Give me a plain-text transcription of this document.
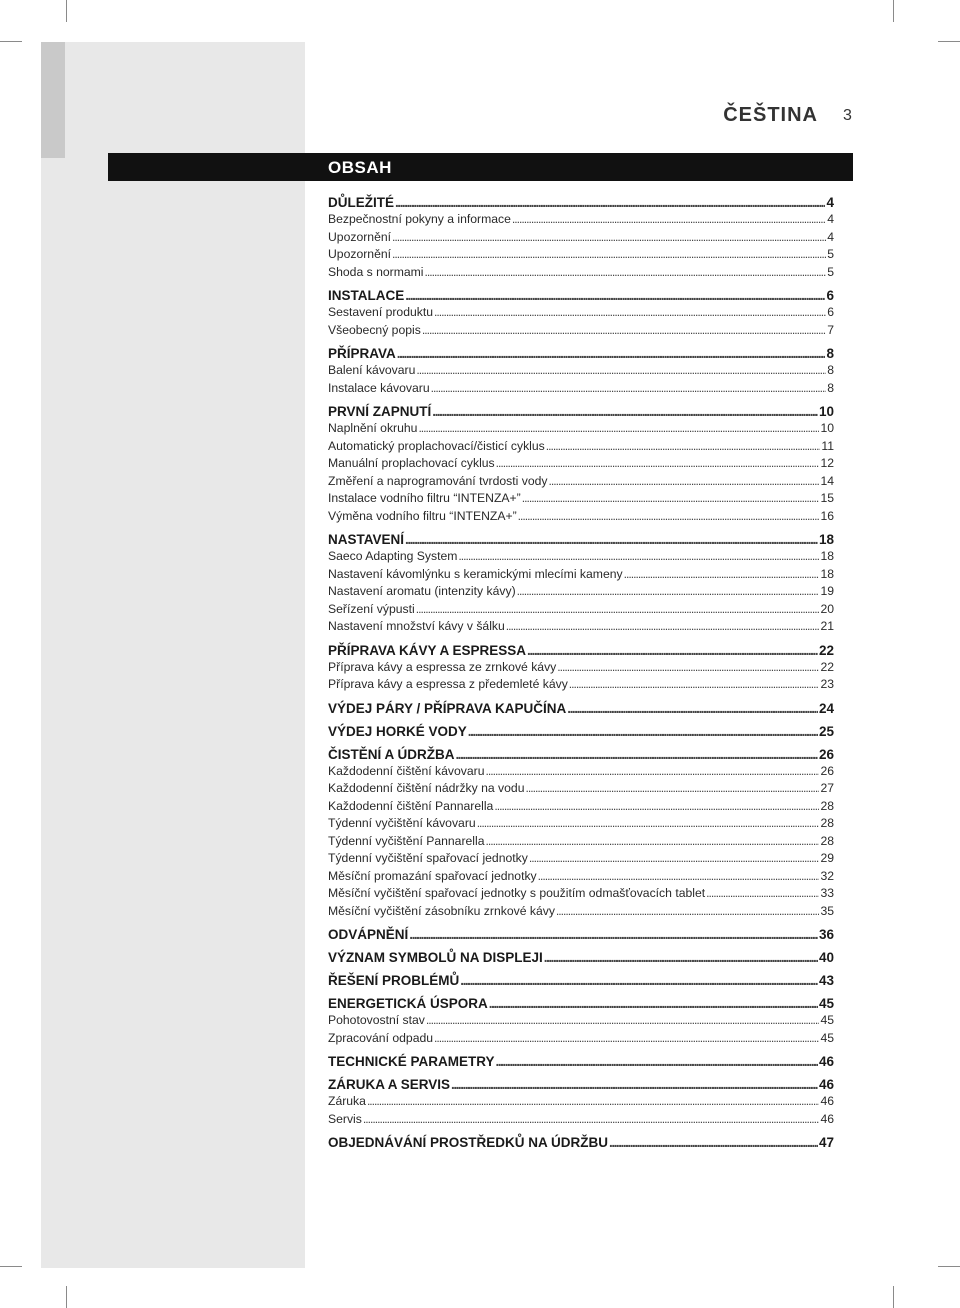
ČEŠTINA 3
OBSAH
DŮLEŽITÉ . . .	4
Bezpečnostní pokyny a informace . . .	4
Upozornění . . .	4
Upozornění . . .	5
Shoda s normami . . .	5
INSTALACE . . .	6
Sestavení produktu . . .	6
Všeobecný popis . . .	7
PŘÍPRAVA . . .	8
Balení kávovaru . . .	8
Instalace kávovaru . . .	8
PRVNÍ ZAPNUTÍ . . .	10
Naplnění okruhu . . .	10
Automatický proplachovací/čisticí cyklus . . .	11
Manuální proplachovací cyklus . . .	12
Změření a naprogramování tvrdosti vody . . .	14
Instalace vodního filtru “INTENZA+” . . .	15
Výměna vodního filtru “INTENZA+” . . .	16
NASTAVENÍ . . .	18
Saeco Adapting System . . .	18
Nastavení kávomlýnku s keramickými mlecími kameny . . .	18
Nastavení aromatu (intenzity kávy) . . .	19
Seřízení výpusti . . .	20
Nastavení množství kávy v šálku . . .	21
PŘÍPRAVA KÁVY A ESPRESSA . . .	22
Příprava kávy a espressa ze zrnkové kávy . . .	22
Příprava kávy a espressa z předemleté kávy . . .	23
VÝDEJ PÁRY / PŘÍPRAVA KAPUČÍNA . . .	24
VÝDEJ HORKÉ VODY . . .	25
ČISTĚNÍ A ÚDRŽBA . . .	26
Každodenní čištění kávovaru . . .	26
Každodenní čištění nádržky na vodu . . .	27
Každodenní čištění Pannarella . . .	28
Týdenní vyčištění kávovaru . . .	28
Týdenní vyčištění Pannarella . . .	28
Týdenní vyčištění spařovací jednotky . . .	29
Měsíční promazání spařovací jednotky . . .	32
Měsíční vyčištění spařovací jednotky s použitím odmašťovacích tablet . . .	33
Měsíční vyčištění zásobníku zrnkové kávy . . .	35
ODVÁPNĚNÍ . . .	36
VÝZNAM SYMBOLŮ NA DISPLEJI . . .	40
ŘEŠENÍ PROBLÉMŮ . . .	43
ENERGETICKÁ ÚSPORA . . .	45
Pohotovostní stav . . .	45
Zpracování odpadu . . .	45
TECHNICKÉ PARAMETRY . . .	46
ZÁRUKA A SERVIS . . .	46
Záruka . . .	46
Servis . . .	46
OBJEDNÁVÁNÍ PROSTŘEDKŮ NA ÚDRŽBU . . .	47
